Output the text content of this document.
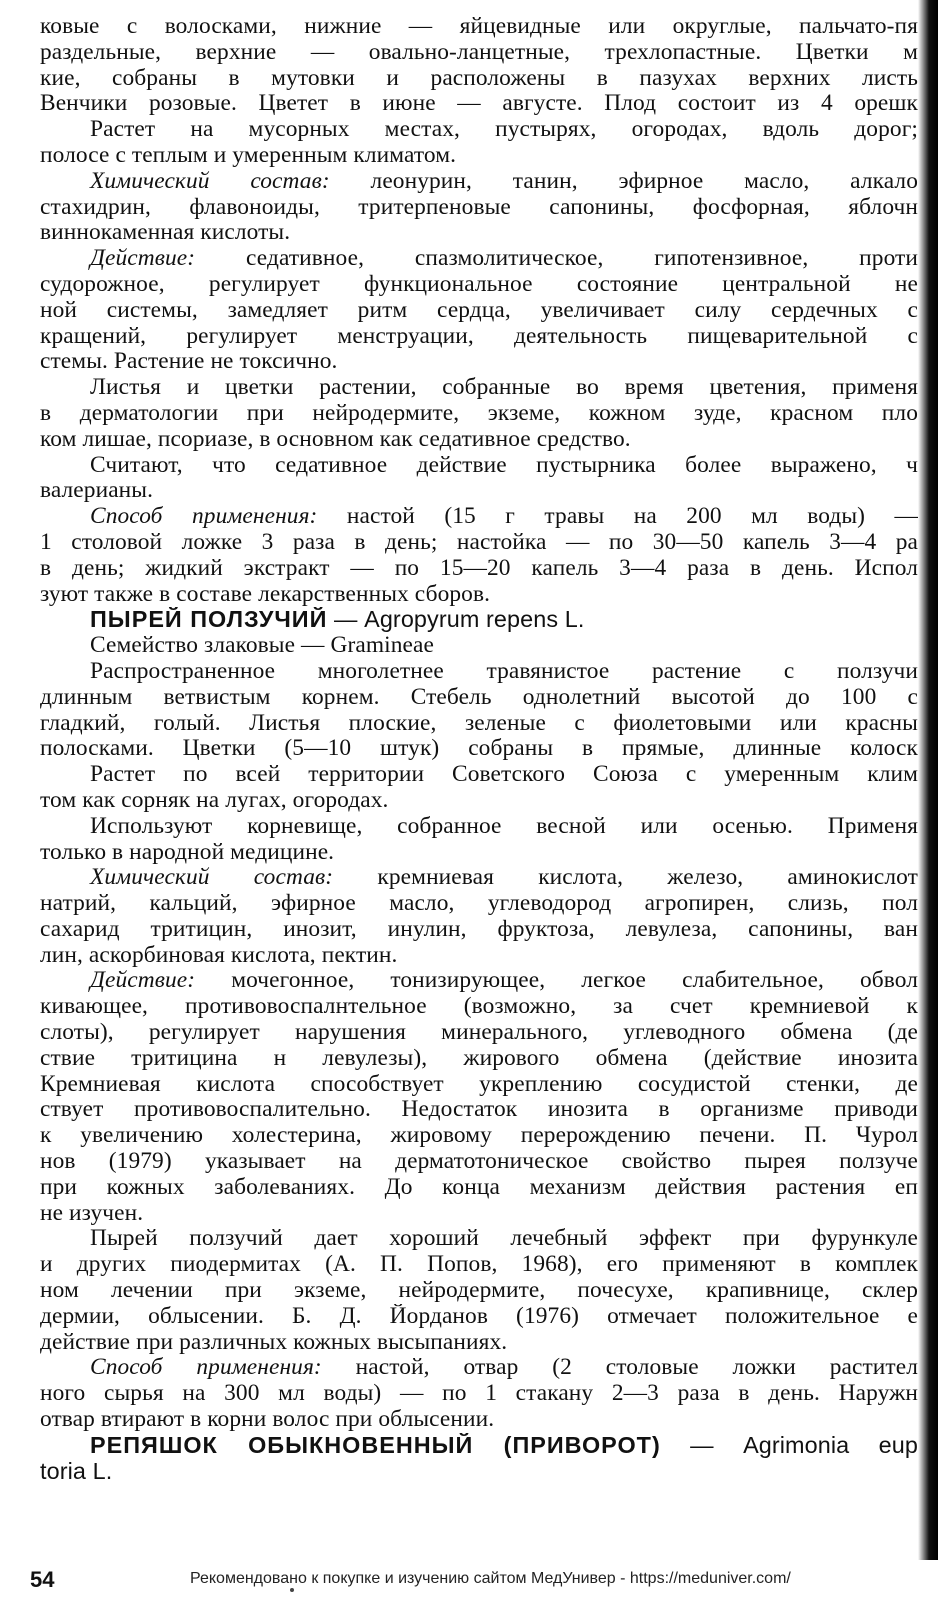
ковые с волосками, нижние — яйцевидные или округлые, пальчато-пя
раздельные, верхние — овально-ланцетные, трехлопастные. Цветки м
кие, собраны в мутовки и расположены в пазухах верхних листь
Венчики розовые. Цветет в июне — августе. Плод состоит из 4 орешк
Растет на мусорных местах, пустырях, огородах, вдоль дорог;
полосе с теплым и умеренным климатом.
Химический состав: леонурин, танин, эфирное масло, алкало
стахидрин, флавоноиды, тритерпеновые сапонины, фосфорная, яблочн
виннокаменная кислоты.
Действие: седативное, спазмолитическое, гипотензивное, проти
судорожное, регулирует функциональное состояние центральной не
ной системы, замедляет ритм сердца, увеличивает силу сердечных с
кращений, регулирует менструации, деятельность пищеварительной с
стемы. Растение не токсично.
Листья и цветки растении, собранные во время цветения, применя
в дерматологии при нейродермите, экземе, кожном зуде, красном пло
ком лишае, псориазе, в основном как седативное средство.
Считают, что седативное действие пустырника более выражено, ч
валерианы.
Способ применения: настой (15 г травы на 200 мл воды) —
1 столовой ложке 3 раза в день; настойка — по 30—50 капель 3—4 ра
в день; жидкий экстракт — по 15—20 капель 3—4 раза в день. Испол
зуют также в составе лекарственных сборов.
ПЫРЕЙ ПОЛЗУЧИЙ — Agropyrum repens L.
Семейство злаковые — Gramineae
Распространенное многолетнее травянистое растение с ползучи
длинным ветвистым корнем. Стебель однолетний высотой до 100 с
гладкий, голый. Листья плоские, зеленые с фиолетовыми или красны
полосками. Цветки (5—10 штук) собраны в прямые, длинные колоск
Растет по всей территории Советского Союза с умеренным клим
том как сорняк на лугах, огородах.
Используют корневище, собранное весной или осенью. Применя
только в народной медицине.
Химический состав: кремниевая кислота, железо, аминокислот
натрий, кальций, эфирное масло, углеводород агропирен, слизь, пол
сахарид тритицин, инозит, инулин, фруктоза, левулеза, сапонины, ван
лин, аскорбиновая кислота, пектин.
Действие: мочегонное, тонизирующее, легкое слабительное, обвол
кивающее, противовоспалнтельное (возможно, за счет кремниевой к
слоты), регулирует нарушения минерального, углеводного обмена (де
ствие тритицина н левулезы), жирового обмена (действие инозита
Кремниевая кислота способствует укреплению сосудистой стенки, де
ствует противовоспалительно. Недостаток инозита в организме приводи
к увеличению холестерина, жировому перерождению печени. П. Чурол
нов (1979) указывает на дерматотоническое свойство пырея ползуче
при кожных заболеваниях. До конца механизм действия растения еп
не изучен.
Пырей ползучий дает хороший лечебный эффект при фурункуле
и других пиодермитах (А. П. Попов, 1968), его применяют в комплек
ном лечении при экземе, нейродермите, почесухе, крапивнице, склер
дермии, облысении. Б. Д. Йорданов (1976) отмечает положительное е
действие при различных кожных высыпаниях.
Способ применения: настой, отвар (2 столовые ложки растител
ного сырья на 300 мл воды) — по 1 стакану 2—3 раза в день. Наружн
отвар втирают в корни волос при облысении.
РЕПЯШОК ОБЫКНОВЕННЫЙ (ПРИВОРОТ) — Agrimonia eup
toria L.
54	Рекомендовано к покупке и изучению сайтом МедУнивер - https://meduniver.com/
